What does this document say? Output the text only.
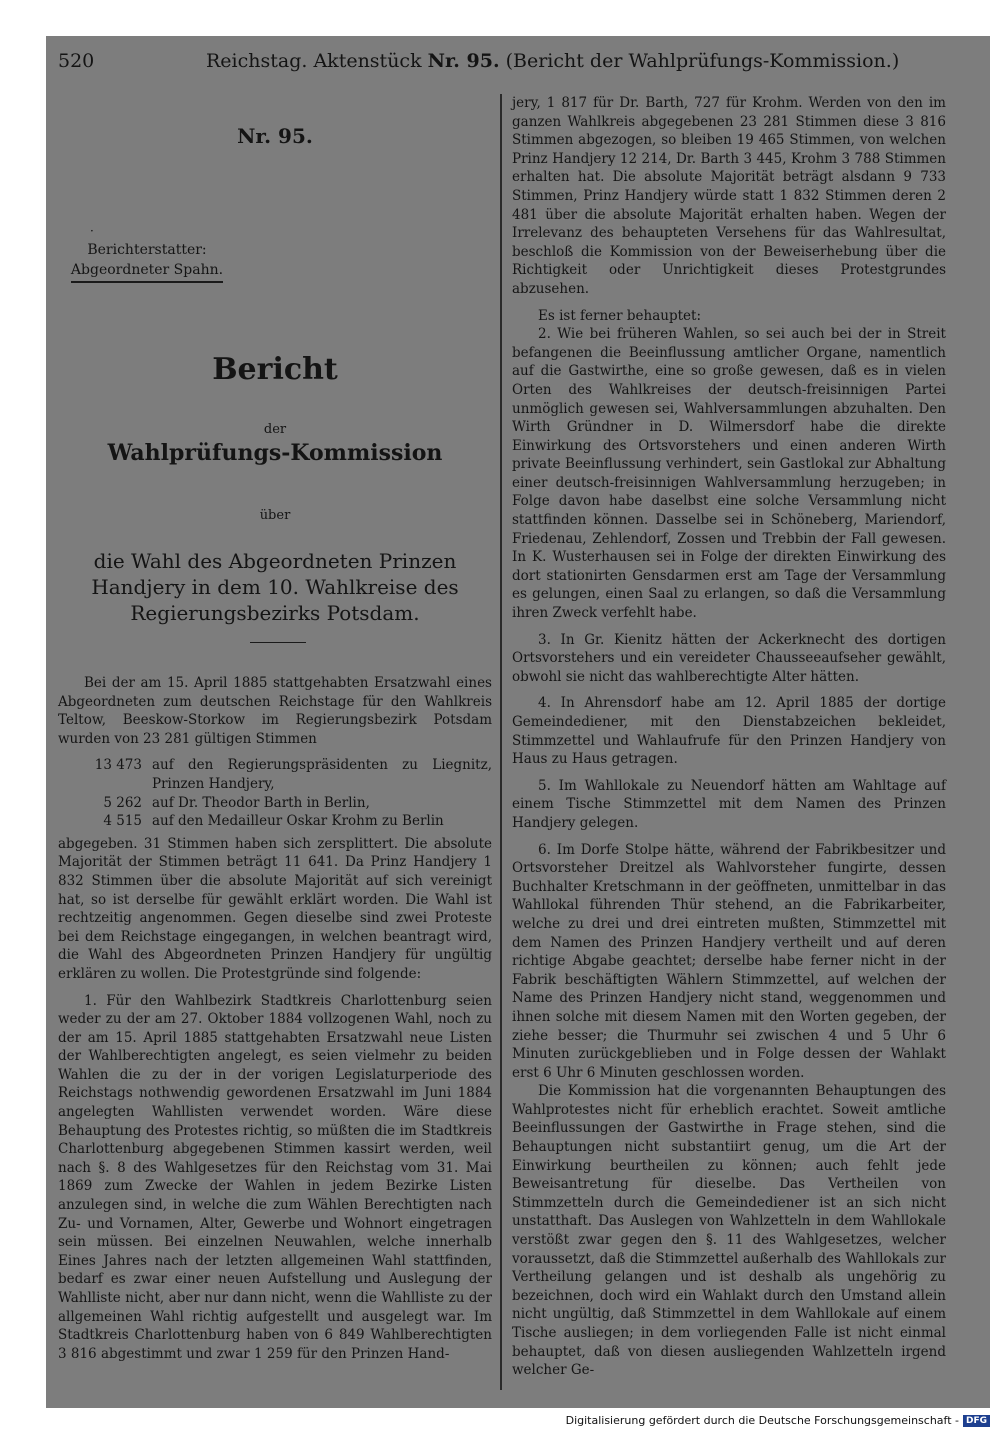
520	Reichstag. Aktenstück Nr. 95. (Bericht der Wahlprüfungs-Kommission.)
Nr. 95.
·
Berichterstatter:
Abgeordneter Spahn.
Bericht
der
Wahlprüfungs-Kommission
über
die Wahl des Abgeordneten Prinzen Handjery in dem 10. Wahlkreise des Regierungsbezirks Potsdam.

Bei der am 15. April 1885 stattgehabten Ersatzwahl eines Abgeordneten zum deutschen Reichstage für den Wahlkreis Teltow, Beeskow-Storkow im Regierungsbezirk Potsdam wurden von 23 281 gültigen Stimmen

13 473 auf den Regierungspräsidenten zu Liegnitz, Prinzen Handjery,
5 262 auf Dr. Theodor Barth in Berlin,
4 515 auf den Medailleur Oskar Krohm zu Berlin

abgegeben. 31 Stimmen haben sich zersplittert. Die absolute Majorität der Stimmen beträgt 11 641. Da Prinz Handjery 1 832 Stimmen über die absolute Majorität auf sich vereinigt hat, so ist derselbe für gewählt erklärt worden. Die Wahl ist rechtzeitig angenommen. Gegen dieselbe sind zwei Proteste bei dem Reichstage eingegangen, in welchen beantragt wird, die Wahl des Abgeordneten Prinzen Handjery für ungültig erklären zu wollen. Die Protestgründe sind folgende:

1. Für den Wahlbezirk Stadtkreis Charlottenburg seien weder zu der am 27. Oktober 1884 vollzogenen Wahl, noch zu der am 15. April 1885 stattgehabten Ersatzwahl neue Listen der Wahlberechtigten angelegt, es seien vielmehr zu beiden Wahlen die zu der in der vorigen Legislaturperiode des Reichstags nothwendig gewordenen Ersatzwahl im Juni 1884 angelegten Wahllisten verwendet worden. Wäre diese Behauptung des Protestes richtig, so müßten die im Stadtkreis Charlottenburg abgegebenen Stimmen kassirt werden, weil nach §. 8 des Wahlgesetzes für den Reichstag vom 31. Mai 1869 zum Zwecke der Wahlen in jedem Bezirke Listen anzulegen sind, in welche die zum Wählen Berechtigten nach Zu- und Vornamen, Alter, Gewerbe und Wohnort eingetragen sein müssen. Bei einzelnen Neuwahlen, welche innerhalb Eines Jahres nach der letzten allgemeinen Wahl stattfinden, bedarf es zwar einer neuen Aufstellung und Auslegung der Wahlliste nicht, aber nur dann nicht, wenn die Wahlliste zu der allgemeinen Wahl richtig aufgestellt und ausgelegt war. Im Stadtkreis Charlottenburg haben von 6 849 Wahlberechtigten 3 816 abgestimmt und zwar 1 259 für den Prinzen Hand-

jery, 1 817 für Dr. Barth, 727 für Krohm. Werden von den im ganzen Wahlkreis abgegebenen 23 281 Stimmen diese 3 816 Stimmen abgezogen, so bleiben 19 465 Stimmen, von welchen Prinz Handjery 12 214, Dr. Barth 3 445, Krohm 3 788 Stimmen erhalten hat. Die absolute Majorität beträgt alsdann 9 733 Stimmen, Prinz Handjery würde statt 1 832 Stimmen deren 2 481 über die absolute Majorität erhalten haben. Wegen der Irrelevanz des behaupteten Versehens für das Wahlresultat, beschloß die Kommission von der Beweiserhebung über die Richtigkeit oder Unrichtigkeit dieses Protestgrundes abzusehen.

Es ist ferner behauptet:

2. Wie bei früheren Wahlen, so sei auch bei der in Streit befangenen die Beeinflussung amtlicher Organe, namentlich auf die Gastwirthe, eine so große gewesen, daß es in vielen Orten des Wahlkreises der deutsch-freisinnigen Partei unmöglich gewesen sei, Wahlversammlungen abzuhalten. Den Wirth Gründner in D. Wilmersdorf habe die direkte Einwirkung des Ortsvorstehers und einen anderen Wirth private Beeinflussung verhindert, sein Gastlokal zur Abhaltung einer deutsch-freisinnigen Wahlversammlung herzugeben; in Folge davon habe daselbst eine solche Versammlung nicht stattfinden können. Dasselbe sei in Schöneberg, Mariendorf, Friedenau, Zehlendorf, Zossen und Trebbin der Fall gewesen. In K. Wusterhausen sei in Folge der direkten Einwirkung des dort stationirten Gensdarmen erst am Tage der Versammlung es gelungen, einen Saal zu erlangen, so daß die Versammlung ihren Zweck verfehlt habe.

3. In Gr. Kienitz hätten der Ackerknecht des dortigen Ortsvorstehers und ein vereideter Chausseeaufseher gewählt, obwohl sie nicht das wahlberechtigte Alter hätten.

4. In Ahrensdorf habe am 12. April 1885 der dortige Gemeindediener, mit den Dienstabzeichen bekleidet, Stimmzettel und Wahlaufrufe für den Prinzen Handjery von Haus zu Haus getragen.

5. Im Wahllokale zu Neuendorf hätten am Wahltage auf einem Tische Stimmzettel mit dem Namen des Prinzen Handjery gelegen.

6. Im Dorfe Stolpe hätte, während der Fabrikbesitzer und Ortsvorsteher Dreitzel als Wahlvorsteher fungirte, dessen Buchhalter Kretschmann in der geöffneten, unmittelbar in das Wahllokal führenden Thür stehend, an die Fabrikarbeiter, welche zu drei und drei eintreten mußten, Stimmzettel mit dem Namen des Prinzen Handjery vertheilt und auf deren richtige Abgabe geachtet; derselbe habe ferner nicht in der Fabrik beschäftigten Wählern Stimmzettel, auf welchen der Name des Prinzen Handjery nicht stand, weggenommen und ihnen solche mit diesem Namen mit den Worten gegeben, der ziehe besser; die Thurmuhr sei zwischen 4 und 5 Uhr 6 Minuten zurückgeblieben und in Folge dessen der Wahlakt erst 6 Uhr 6 Minuten geschlossen worden.

Die Kommission hat die vorgenannten Behauptungen des Wahlprotestes nicht für erheblich erachtet. Soweit amtliche Beeinflussungen der Gastwirthe in Frage stehen, sind die Behauptungen nicht substantiirt genug, um die Art der Einwirkung beurtheilen zu können; auch fehlt jede Beweisantretung für dieselbe. Das Vertheilen von Stimmzetteln durch die Gemeindediener ist an sich nicht unstatthaft. Das Auslegen von Wahlzetteln in dem Wahllokale verstößt zwar gegen den §. 11 des Wahlgesetzes, welcher voraussetzt, daß die Stimmzettel außerhalb des Wahllokals zur Vertheilung gelangen und ist deshalb als ungehörig zu bezeichnen, doch wird ein Wahlakt durch den Umstand allein nicht ungültig, daß Stimmzettel in dem Wahllokale auf einem Tische ausliegen; in dem vorliegenden Falle ist nicht einmal behauptet, daß von diesen ausliegenden Wahlzetteln irgend welcher Ge-

Digitalisierung gefördert durch die Deutsche Forschungsgemeinschaft - DFG
